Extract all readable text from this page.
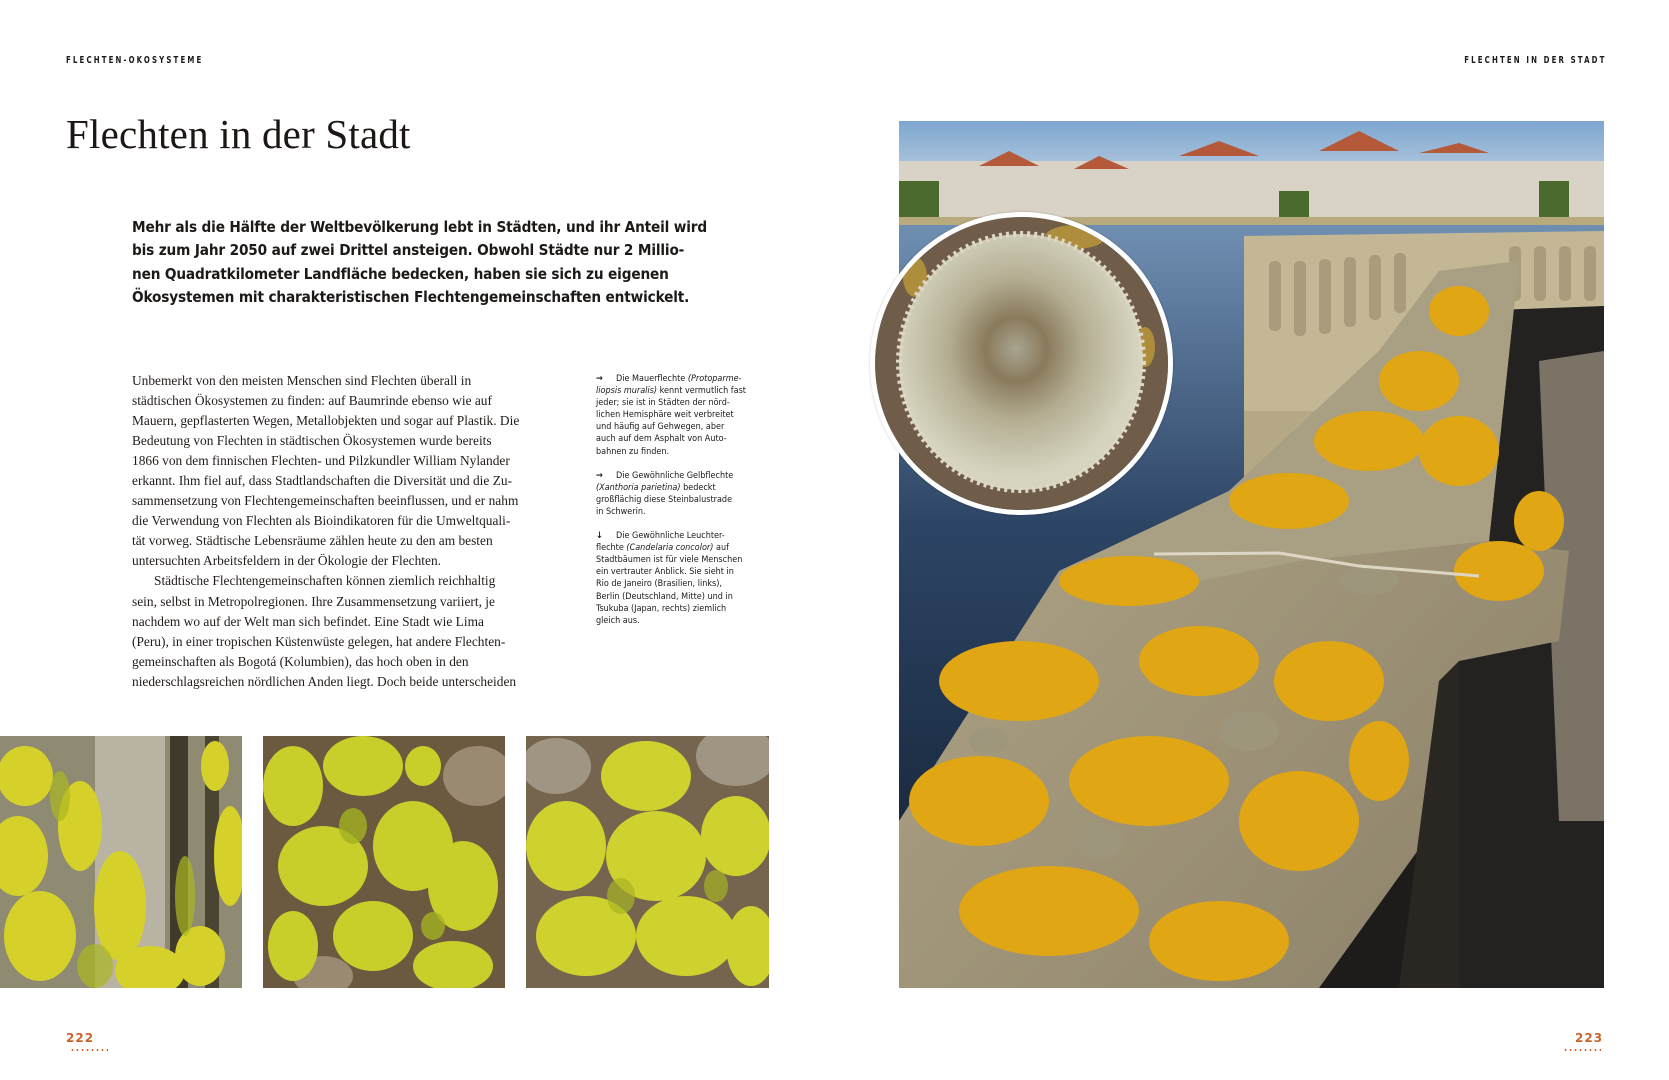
FLECHTEN-ÖKOSYSTEME
Flechten in der Stadt

Mehr als die Hälfte der Weltbevölkerung lebt in Städten, und ihr Anteil wird
bis zum Jahr 2050 auf zwei Drittel ansteigen. Obwohl Städte nur 2 Millio-
nen Quadratkilometer Landfläche bedecken, haben sie sich zu eigenen
Ökosystemen mit charakteristischen Flechtengemeinschaften entwickelt.

Unbemerkt von den meisten Menschen sind Flechten überall in
städtischen Ökosystemen zu finden: auf Baumrinde ebenso wie auf
Mauern, gepflasterten Wegen, Metallobjekten und sogar auf Plastik. Die
Bedeutung von Flechten in städtischen Ökosystemen wurde bereits
1866 von dem finnischen Flechten- und Pilzkundler William Nylander
erkannt. Ihm fiel auf, dass Stadtlandschaften die Diversität und die Zu-
sammensetzung von Flechtengemeinschaften beeinflussen, und er nahm
die Verwendung von Flechten als Bioindikatoren für die Umweltquali-
tät vorweg. Städtische Lebensräume zählen heute zu den am besten
untersuchten Arbeitsfeldern in der Ökologie der Flechten.
Städtische Flechtengemeinschaften können ziemlich reichhaltig
sein, selbst in Metropolregionen. Ihre Zusammensetzung variiert, je
nachdem wo auf der Welt man sich befindet. Eine Stadt wie Lima
(Peru), in einer tropischen Küstenwüste gelegen, hat andere Flechten-
gemeinschaften als Bogotá (Kolumbien), das hoch oben in den
niederschlagsreichen nördlichen Anden liegt. Doch beide unterscheiden

→ Die Mauerflechte (Protoparme-
liopsis muralis) kennt vermutlich fast
jeder; sie ist in Städten der nörd-
lichen Hemisphäre weit verbreitet
und häufig auf Gehwegen, aber
auch auf dem Asphalt von Auto-
bahnen zu finden.
→ Die Gewöhnliche Gelbflechte
(Xanthoria parietina) bedeckt
großflächig diese Steinbalustrade
in Schwerin.
↓ Die Gewöhnliche Leuchter-
flechte (Candelaria concolor) auf
Stadtbäumen ist für viele Menschen
ein vertrauter Anblick. Sie sieht in
Rio de Janeiro (Brasilien, links),
Berlin (Deutschland, Mitte) und in
Tsukuba (Japan, rechts) ziemlich
gleich aus.
222
FLECHTEN IN DER STADT
223
